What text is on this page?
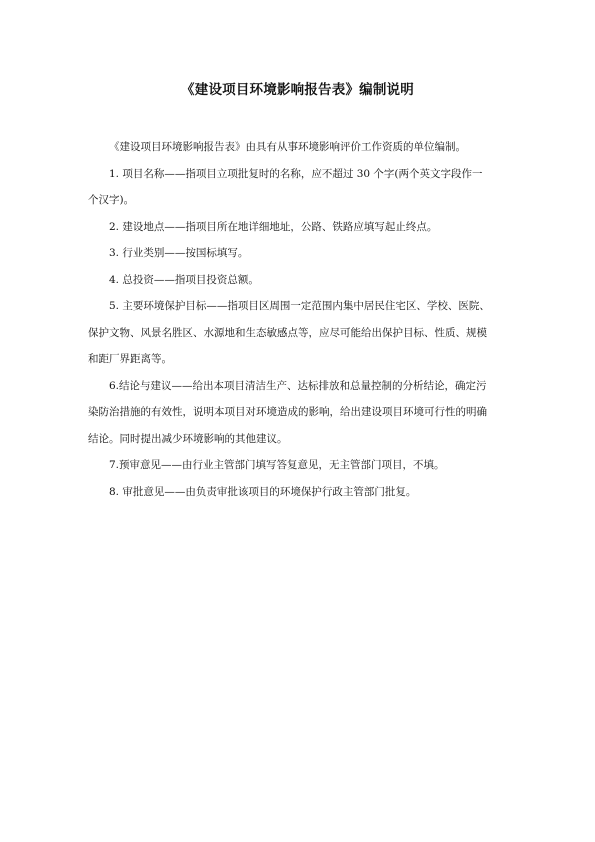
《建设项目环境影响报告表》编制说明

《建设项目环境影响报告表》由具有从事环境影响评价工作资质的单位编制。

1. 项目名称——指项目立项批复时的名称，应不超过 30 个字(两个英文字段作一

个汉字)。

2. 建设地点——指项目所在地详细地址，公路、铁路应填写起止终点。

3. 行业类别——按国标填写。

4. 总投资——指项目投资总额。

5. 主要环境保护目标——指项目区周围一定范围内集中居民住宅区、学校、医院、

保护文物、风景名胜区、水源地和生态敏感点等，应尽可能给出保护目标、性质、规模
和距厂界距离等。

6.结论与建议——给出本项目清洁生产、达标排放和总量控制的分析结论，确定污

染防治措施的有效性，说明本项目对环境造成的影响，给出建设项目环境可行性的明确
结论。同时提出减少环境影响的其他建议。

7.预审意见——由行业主管部门填写答复意见，无主管部门项目，不填。

8. 审批意见——由负责审批该项目的环境保护行政主管部门批复。
